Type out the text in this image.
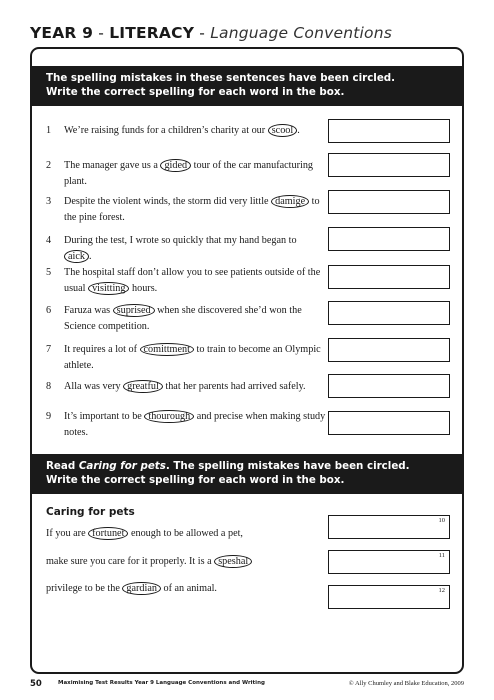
YEAR 9 - LITERACY - Language Conventions
The spelling mistakes in these sentences have been circled.
Write the correct spelling for each word in the box.
1	We’re raising funds for a children’s charity at our scool .
2	The manager gave us a gided tour of the car manufacturing plant.
3	Despite the violent winds, the storm did very little damige to the pine forest.
4	During the test, I wrote so quickly that my hand began to aick .
5	The hospital staff don’t allow you to see patients outside of the usual visitting hours.
6	Faruza was suprised when she discovered she’d won the Science competition.
7	It requires a lot of comittment to train to become an Olympic athlete.
8	Alla was very greatful that her parents had arrived safely.
9	It’s important to be thourough and precise when making study notes.
Read Caring for pets. The spelling mistakes have been circled.
Write the correct spelling for each word in the box.
Caring for pets
If you are fortunet enough to be allowed a pet,
10
make sure you care for it properly. It is a speshal
11
privilege to be the gardian of an animal.	12
50	Maximising Test Results Year 9 Language Conventions and Writing	© Ally Chumley and Blake Education, 2009
